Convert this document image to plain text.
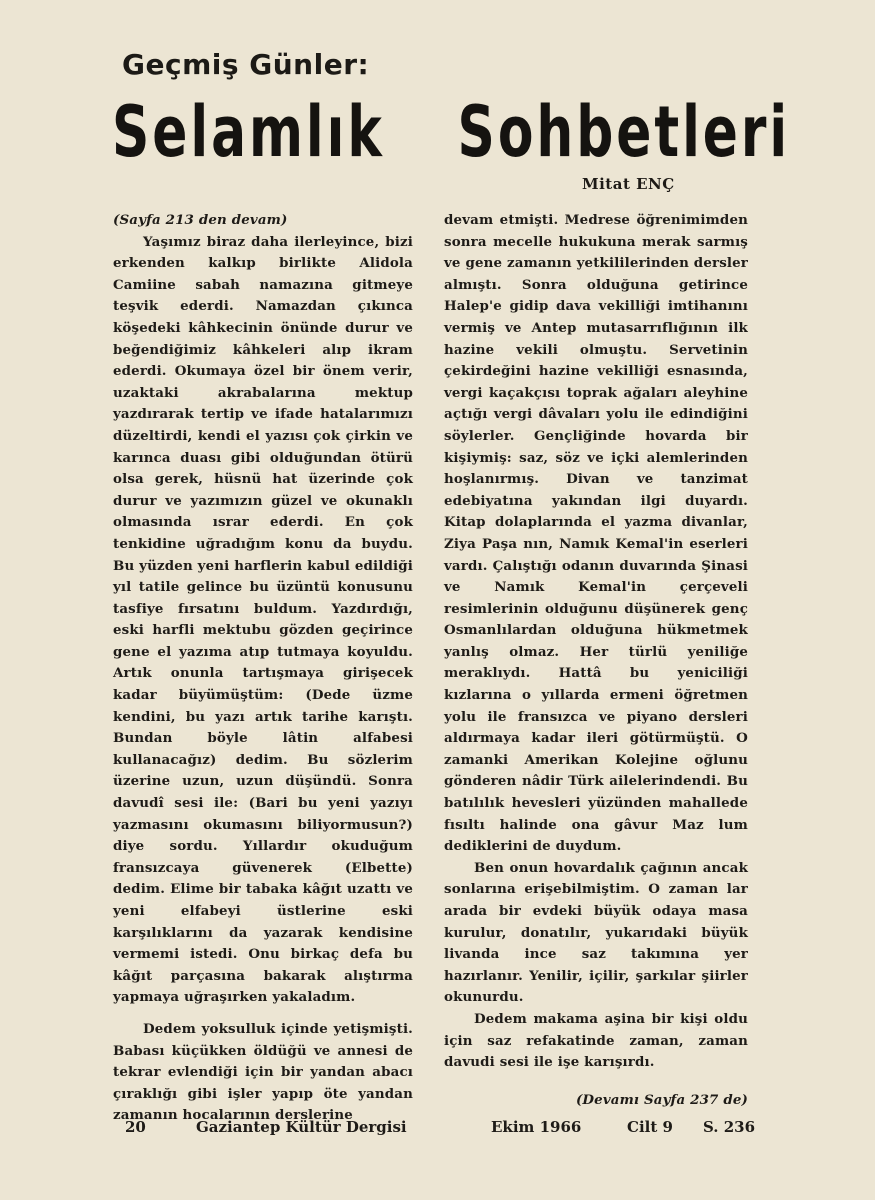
Geçmiş Günler:
Selamlık Sohbetleri
Mitat ENÇ

(Sayfa 213 den devam)

Yaşımız biraz daha ilerleyince, bizi erkenden kalkıp birlikte Alidola Camiine sabah namazına gitmeye teşvik ederdi. Namazdan çıkınca köşedeki kâhkecinin önünde durur ve beğendiğimiz kâhkeleri alıp ikram ederdi. Okumaya özel bir önem verir, uzaktaki akrabalarına mektup yazdırarak tertip ve ifade hatalarımızı düzeltirdi, kendi el yazısı çok çirkin ve karınca duası gibi olduğundan ötürü olsa gerek, hüsnü hat üzerinde çok durur ve yazımızın güzel ve okunaklı olmasında ısrar ederdi. En çok tenkidine uğradığım konu da buydu. Bu yüzden yeni harflerin kabul edildiği yıl tatile gelince bu üzüntü konusunu tasfiye fırsatını buldum. Yazdırdığı, eski harfli mektubu gözden geçirince gene el yazıma atıp tutmaya koyuldu. Artık onunla tartışmaya girişecek kadar büyümüştüm: (Dede üzme kendini, bu yazı artık tarihe karıştı. Bundan böyle lâtin alfabesi kullanacağız) dedim. Bu sözlerim üzerine uzun, uzun düşündü. Sonra davudî sesi ile: (Bari bu yeni yazıyı yazmasını okumasını biliyormusun?) diye sordu. Yıllardır okuduğum fransızcaya güvenerek (Elbette) dedim. Elime bir tabaka kâğıt uzattı ve yeni elfabeyi üstlerine eski karşılıklarını da yazarak kendisine vermemi istedi. Onu birkaç defa bu kâğıt parçasına bakarak alıştırma yapmaya uğraşırken yakaladım.

Dedem yoksulluk içinde yetişmişti. Babası küçükken öldüğü ve annesi de tekrar evlendiği için bir yandan abacı çıraklığı gibi işler yapıp öte yandan zamanın hocalarının derslerine

devam etmişti. Medrese öğrenimimden sonra mecelle hukukuna merak sarmış ve gene zamanın yetkililerinden dersler almıştı. Sonra olduğuna getirince Halep'e gidip dava vekilliği imtihanını vermiş ve Antep mutasarrıflığının ilk hazine vekili olmuştu. Servetinin çekirdeğini hazine vekilliği esnasında, vergi kaçakçısı toprak ağaları aleyhine açtığı vergi dâvaları yolu ile edindiğini söylerler. Gençliğinde hovarda bir kişiymiş: saz, söz ve içki alemlerinden hoşlanırmış. Divan ve tanzimat edebiyatına yakından ilgi duyardı. Kitap dolaplarında el yazma divanlar, Ziya Paşa nın, Namık Kemal'in eserleri vardı. Çalıştığı odanın duvarında Şinasi ve Namık Kemal'in çerçeveli resimlerinin olduğunu düşünerek genç Osmanlılardan olduğuna hükmetmek yanlış olmaz. Her türlü yeniliğe meraklıydı. Hattâ bu yeniciliği kızlarına o yıllarda ermeni öğretmen yolu ile fransızca ve piyano dersleri aldırmaya kadar ileri götürmüştü. O zamanki Amerikan Kolejine oğlunu gönderen nâdir Türk ailelerindendi. Bu batılılık hevesleri yüzünden mahallede fısıltı halinde ona gâvur Maz lum dediklerini de duydum.

Ben onun hovardalık çağının ancak sonlarına erişebilmiştim. O zaman lar arada bir evdeki büyük odaya masa kurulur, donatılır, yukarıdaki büyük livanda ince saz takımına yer hazırlanır. Yenilir, içilir, şarkılar şiirler okunurdu.

Dedem makama aşina bir kişi oldu için saz refakatinde zaman, zaman davudi sesi ile işe karışırdı.

(Devamı Sayfa 237 de)
20	Gaziantep Kültür Dergisi	Ekim 1966	Cilt 9 S. 236
